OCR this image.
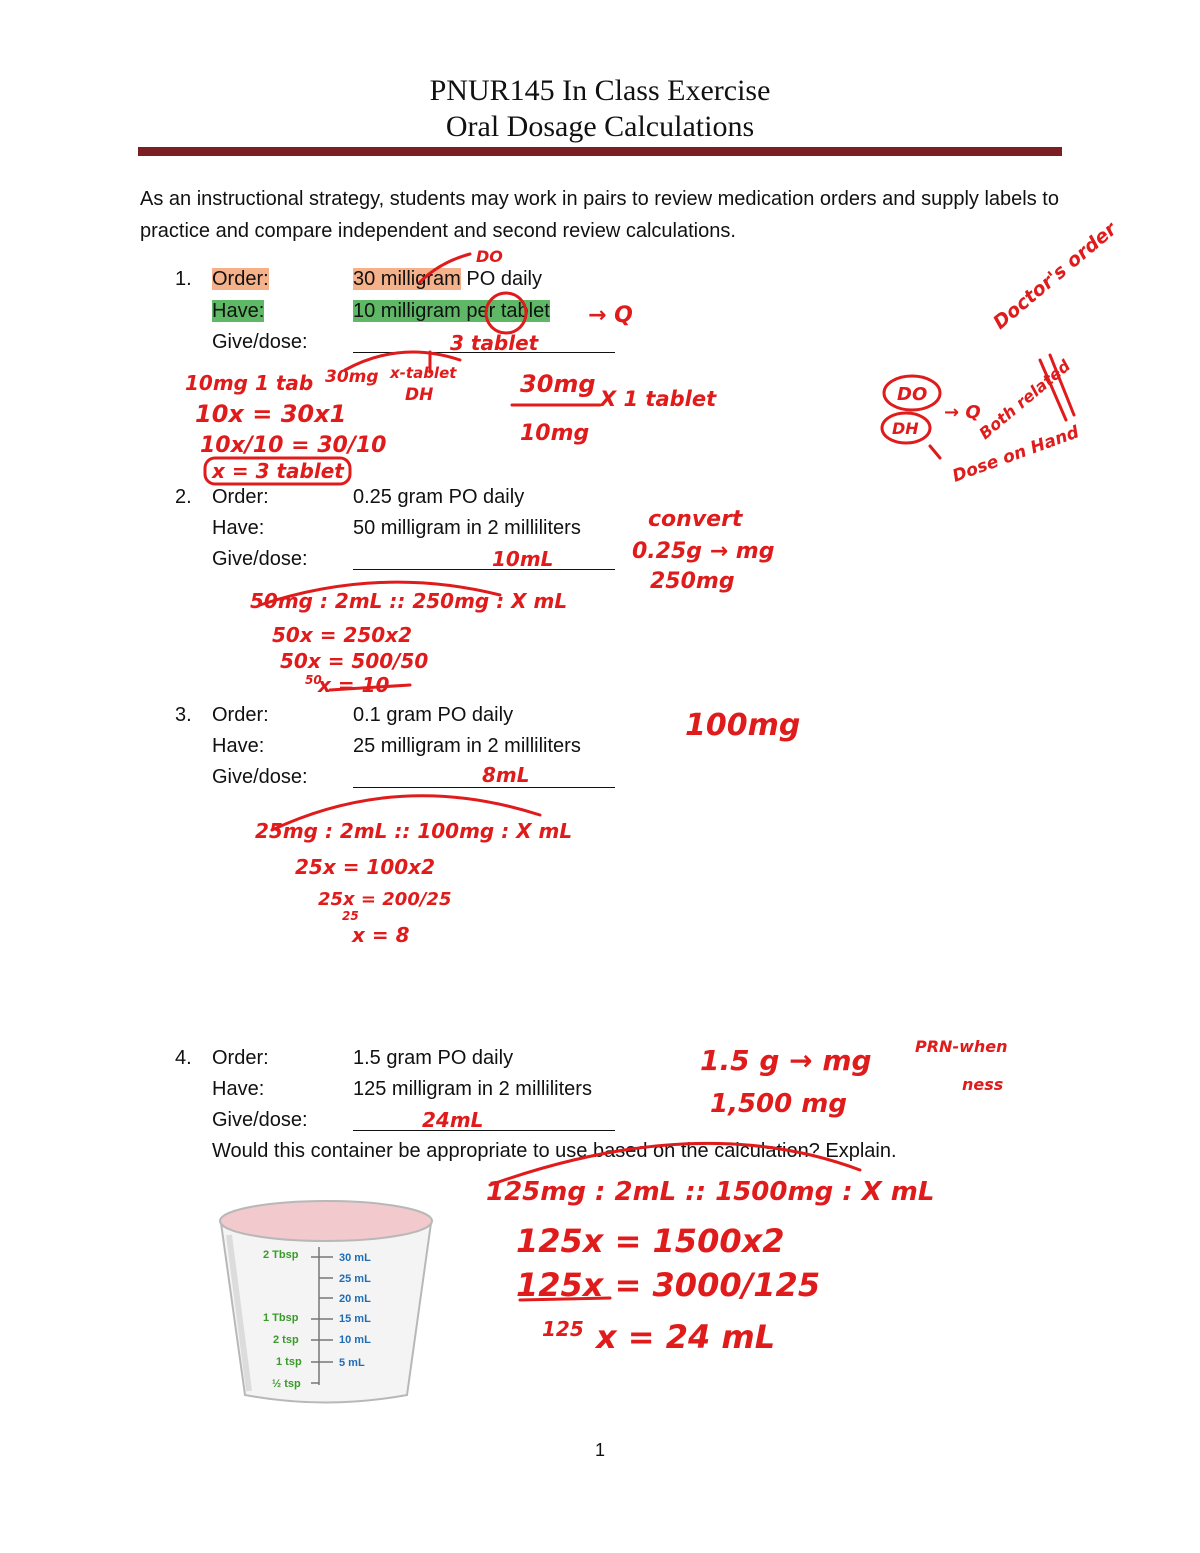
PNUR145 In Class Exercise
Oral Dosage Calculations
As an instructional strategy, students may work in pairs to review medication orders and supply labels to practice and compare independent and second review calculations.
1. Order:	30 milligram PO daily
Have:	10 milligram per tablet
Give/dose:
2. Order:	0.25 gram PO daily
Have:	50 milligram in 2 milliliters
Give/dose:
3. Order:	0.1 gram PO daily
Have:	25 milligram in 2 milliliters
Give/dose:
4. Order:	1.5 gram PO daily
Have:	125 milligram in 2 milliliters
Give/dose:
Would this container be appropriate to use based on the calculation? Explain.
2 Tbsp
1 Tbsp
2 tsp
1 tsp
½ tsp
30 mL
25 mL
20 mL
15 mL
10 mL
5 mL
1
DO
→ Q
3 tablet
10mg 1 tab 30mg x-tablet
DH	30mg
X 1 tablet
10mg
10x = 30x1
10x/10 = 30/10
x = 3 tablet
Doctor's order
DO
DH
→ Q
Both related
Dose on Hand
10mL
convert
0.25g → mg
250mg
50mg : 2mL :: 250mg : X mL
50x = 250x2
50x = 500/50
50
x = 10
100mg
8mL
25mg : 2mL :: 100mg : X mL
25x = 100x2
25x = 200/25
25
x = 8
24mL
1.5 g → mg
1,500 mg
PRN-when
ness
125mg : 2mL :: 1500mg : X mL
125x = 1500x2
125x = 3000/125
125 x = 24 mL
